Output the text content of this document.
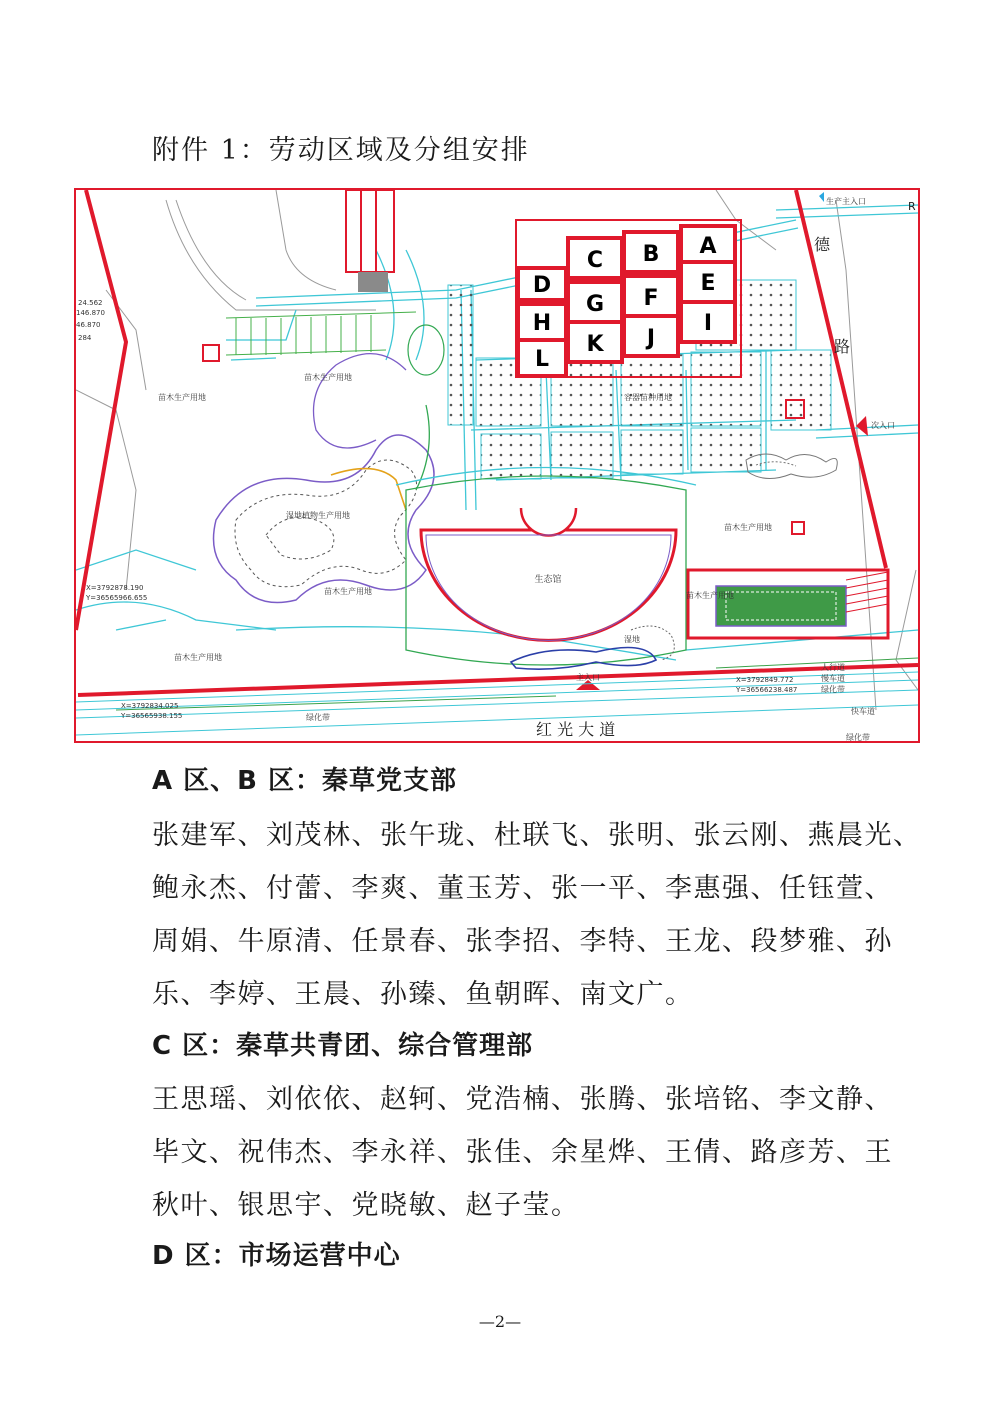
附件 1：劳动区域及分组安排
生态馆
湿地
A
B
C
D	E
F
G
H	I
J
K
L
苗木生产用地
苗木生产用地
苗木生产用地
苗木生产用地	苗木生产用地
苗木生产用地
湿地植物生产用地
容器苗种用地
生产主入口
次入口
主入口
X=3792878.190
Y=36565966.655
X=3792849.772
Y=36566238.487
X=3792834.025
Y=36565938.155
24.562
146.870
46.870
284
人行道
慢车道
绿化带
快车道
绿化带
绿化带
德
路
R
红 光 大 道
A 区、B 区：秦草党支部
张建军、刘茂林、张午珑、杜联飞、张明、张云刚、燕晨光、
鲍永杰、付蕾、李爽、董玉芳、张一平、李惠强、任钰萱、
周娟、牛原清、任景春、张李招、李特、王龙、段梦雅、孙
乐、李婷、王晨、孙臻、鱼朝晖、南文广。
C 区：秦草共青团、综合管理部
王思瑶、刘依依、赵轲、党浩楠、张腾、张培铭、李文静、
毕文、祝伟杰、李永祥、张佳、余星烨、王倩、路彦芳、王
秋叶、银思宇、党晓敏、赵子莹。
D 区：市场运营中心
—2—
